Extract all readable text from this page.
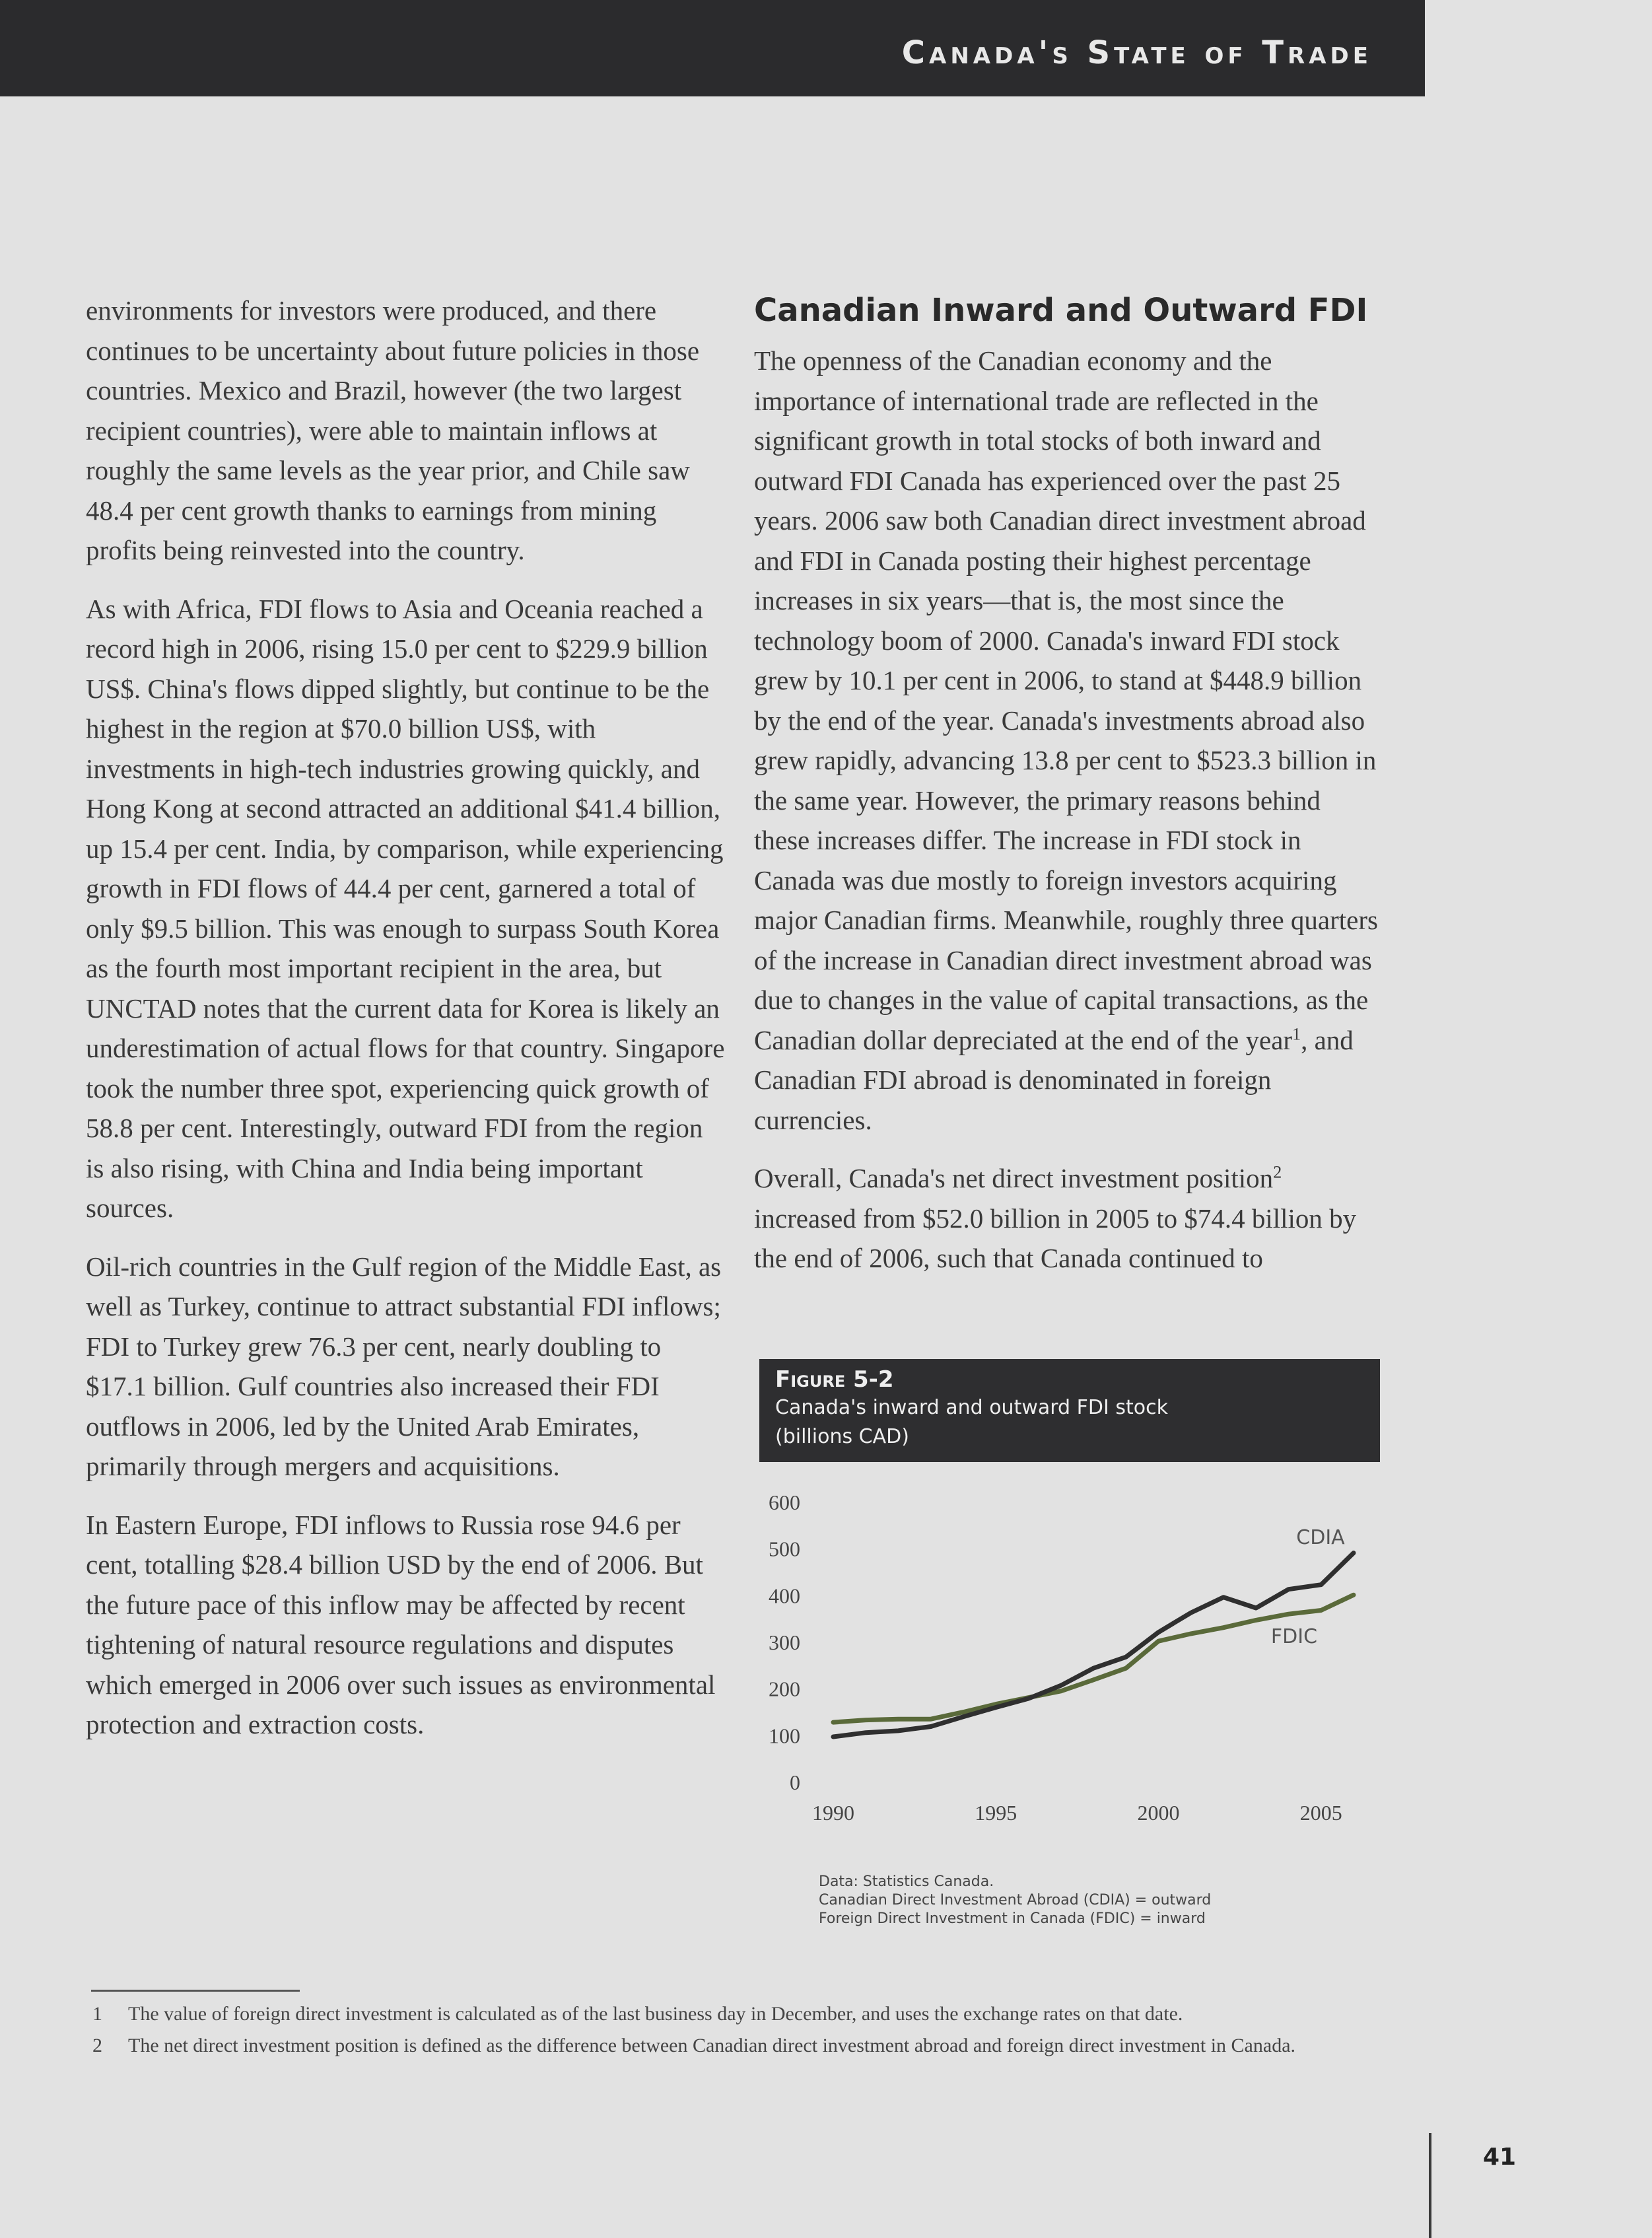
Canada's State of Trade

environments for investors were produced, and there continues to be uncertainty about future policies in those countries. Mexico and Brazil, however (the two largest recipient countries), were able to maintain inflows at roughly the same levels as the year prior, and Chile saw 48.4 per cent growth thanks to earnings from mining profits being reinvested into the country.

As with Africa, FDI flows to Asia and Oceania reached a record high in 2006, rising 15.0 per cent to $229.9 billion US$. China's flows dipped slightly, but continue to be the highest in the region at $70.0 billion US$, with investments in high-tech industries growing quickly, and Hong Kong at second attracted an additional $41.4 billion, up 15.4 per cent. India, by comparison, while experiencing growth in FDI flows of 44.4 per cent, garnered a total of only $9.5 billion. This was enough to surpass South Korea as the fourth most important recipient in the area, but UNCTAD notes that the current data for Korea is likely an underestimation of actual flows for that country. Singapore took the number three spot, experiencing quick growth of 58.8 per cent. Interestingly, outward FDI from the region is also rising, with China and India being important sources.

Oil-rich countries in the Gulf region of the Middle East, as well as Turkey, continue to attract substantial FDI inflows; FDI to Turkey grew 76.3 per cent, nearly doubling to $17.1 billion. Gulf countries also increased their FDI outflows in 2006, led by the United Arab Emirates, primarily through mergers and acquisitions.

In Eastern Europe, FDI inflows to Russia rose 94.6 per cent, totalling $28.4 billion USD by the end of 2006. But the future pace of this inflow may be affected by recent tightening of natural resource regulations and disputes which emerged in 2006 over such issues as environmental protection and extraction costs.

Canadian Inward and Outward FDI

The openness of the Canadian economy and the importance of international trade are reflected in the significant growth in total stocks of both inward and outward FDI Canada has experienced over the past 25 years. 2006 saw both Canadian direct investment abroad and FDI in Canada posting their highest percentage increases in six years—that is, the most since the technology boom of 2000. Canada's inward FDI stock grew by 10.1 per cent in 2006, to stand at $448.9 billion by the end of the year. Canada's investments abroad also grew rapidly, advancing 13.8 per cent to $523.3 billion in the same year. However, the primary reasons behind these increases differ. The increase in FDI stock in Canada was due mostly to foreign investors acquiring major Canadian firms. Meanwhile, roughly three quarters of the increase in Canadian direct investment abroad was due to changes in the value of capital transactions, as the Canadian dollar depreciated at the end of the year$^1$, and Canadian FDI abroad is denominated in foreign currencies.

Overall, Canada's net direct investment position$^2$ increased from $52.0 billion in 2005 to $74.4 billion by the end of 2006, such that Canada continued to

Figure 5-2
Canada's inward and outward FDI stock
(billions CAD)
0
100
200
300
400
500
600
1990	1995	2000	2005
CDIA
FDIC
Data: Statistics Canada.
Canadian Direct Investment Abroad (CDIA) = outward
Foreign Direct Investment in Canada (FDIC) = inward
1	The value of foreign direct investment is calculated as of the last business day in December, and uses the exchange rates on that date.
2	The net direct investment position is defined as the difference between Canadian direct investment abroad and foreign direct investment in Canada.
41
